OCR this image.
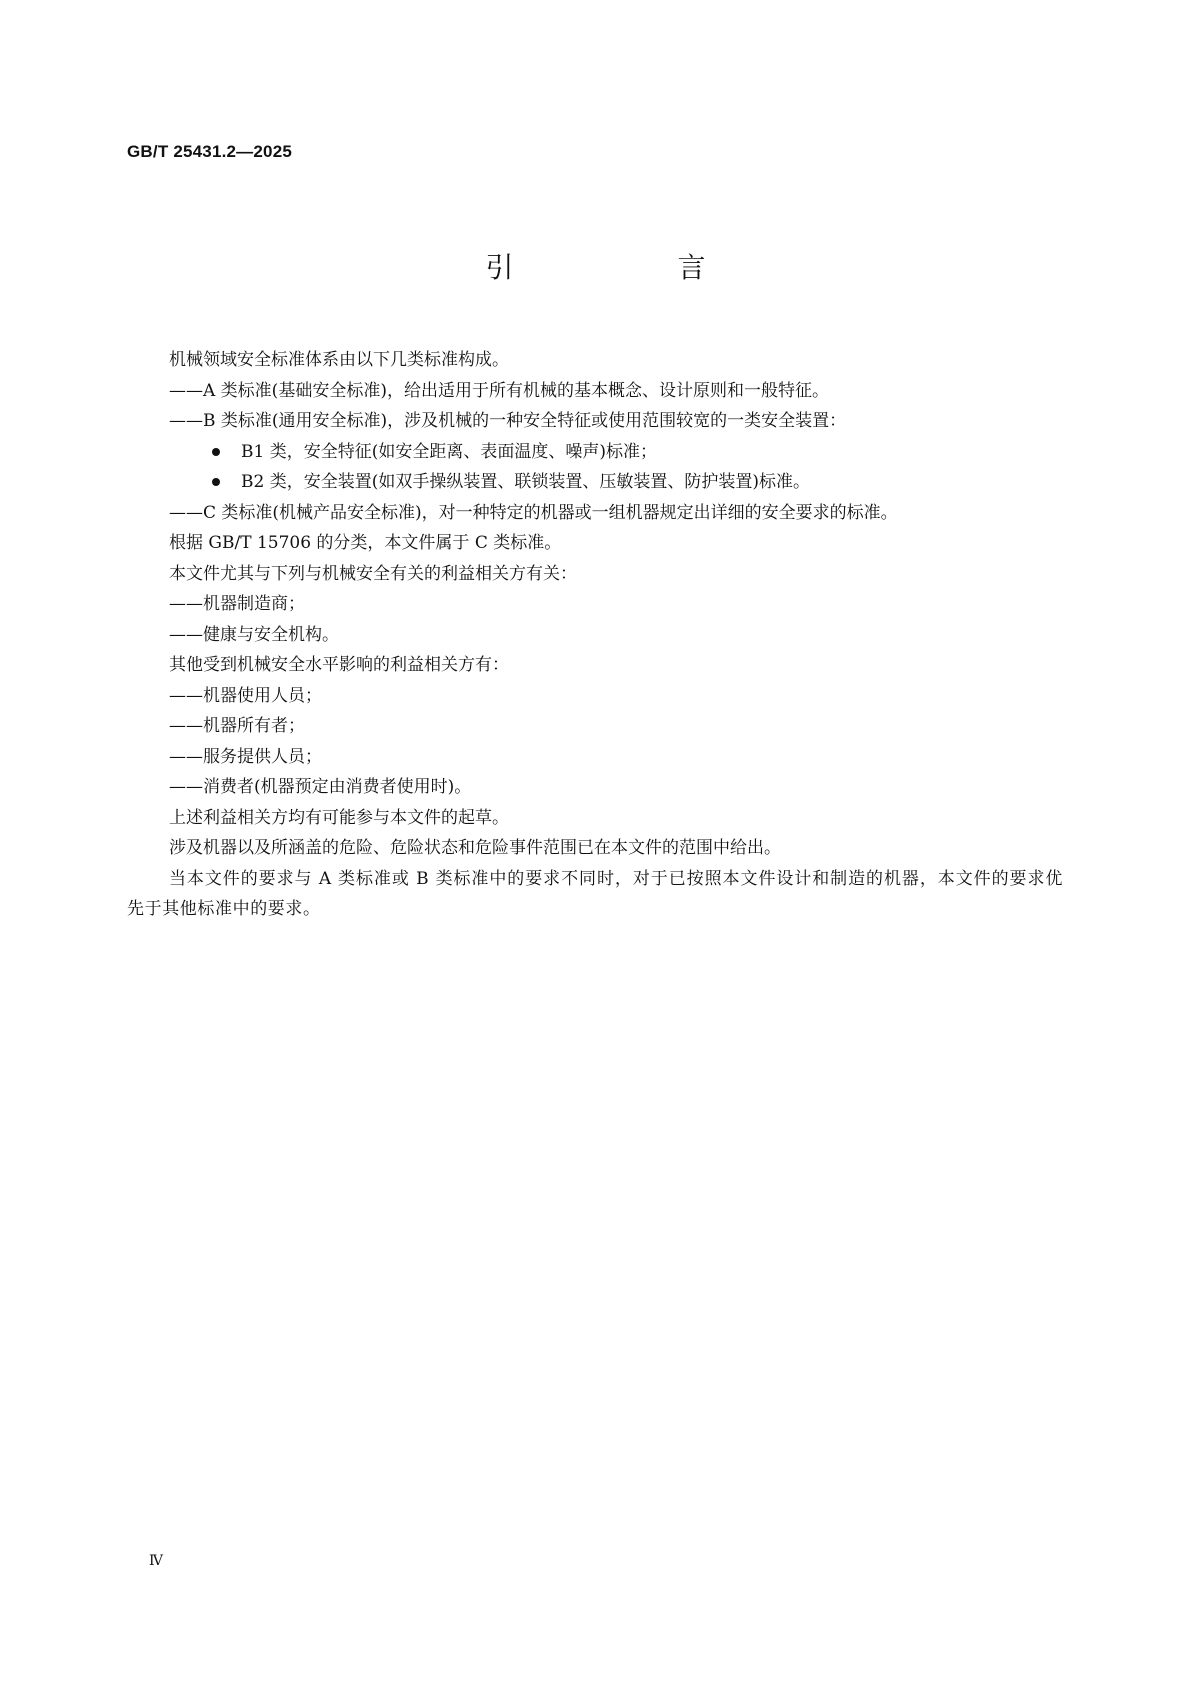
GB/T 25431.2—2025
引　言

机械领域安全标准体系由以下几类标准构成。

——A 类标准(基础安全标准)，给出适用于所有机械的基本概念、设计原则和一般特征。

——B 类标准(通用安全标准)，涉及机械的一种安全特征或使用范围较宽的一类安全装置：

B1 类，安全特征(如安全距离、表面温度、噪声)标准；
B2 类，安全装置(如双手操纵装置、联锁装置、压敏装置、防护装置)标准。

——C 类标准(机械产品安全标准)，对一种特定的机器或一组机器规定出详细的安全要求的标准。

根据 GB/T 15706 的分类，本文件属于 C 类标准。

本文件尤其与下列与机械安全有关的利益相关方有关：

——机器制造商；

——健康与安全机构。

其他受到机械安全水平影响的利益相关方有：

——机器使用人员；

——机器所有者；

——服务提供人员；

——消费者(机器预定由消费者使用时)。

上述利益相关方均有可能参与本文件的起草。

涉及机器以及所涵盖的危险、危险状态和危险事件范围已在本文件的范围中给出。

当本文件的要求与 A 类标准或 B 类标准中的要求不同时，对于已按照本文件设计和制造的机器，本文件的要求优先于其他标准中的要求。

Ⅳ
